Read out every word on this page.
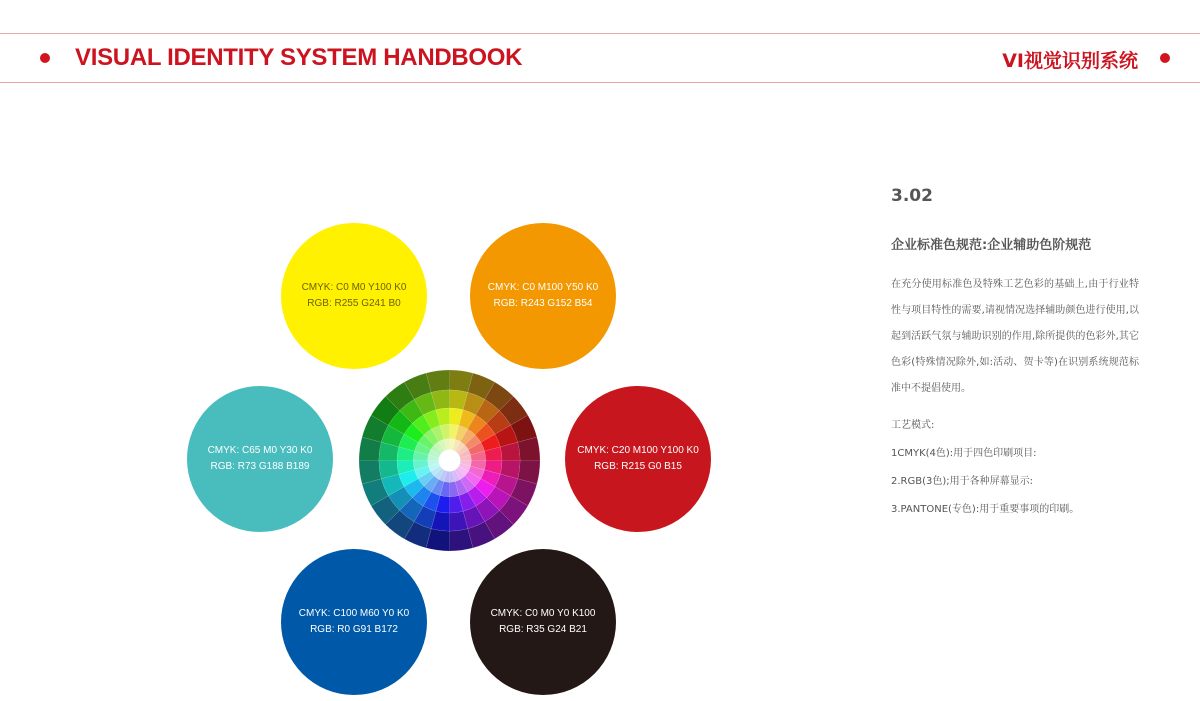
VISUAL IDENTITY SYSTEM HANDBOOK	VI视觉识别系统
CMYK: C0 M0 Y100 K0
RGB: R255 G241 B0
CMYK: C0 M100 Y50 K0
RGB: R243 G152 B54
CMYK: C65 M0 Y30 K0
RGB: R73 G188 B189
CMYK: C20 M100 Y100 K0
RGB: R215 G0 B15
CMYK: C100 M60 Y0 K0
RGB: R0 G91 B172
CMYK: C0 M0 Y0 K100
RGB: R35 G24 B21
3.02
企业标准色规范:企业辅助色阶规范
在充分使用标准色及特殊工艺色彩的基础上,由于行业特性与项目特性的需要,请视情况选择辅助颜色进行使用,以起到活跃气氛与辅助识别的作用,除所提供的色彩外,其它色彩(特殊情况除外,如:活动、贺卡等)在识别系统规范标准中不提倡使用。
工艺模式:
1CMYK(4色):用于四色印刷项目:
2.RGB(3色);用于各种屏幕显示:
3.PANTONE(专色):用于重要事项的印刷。
